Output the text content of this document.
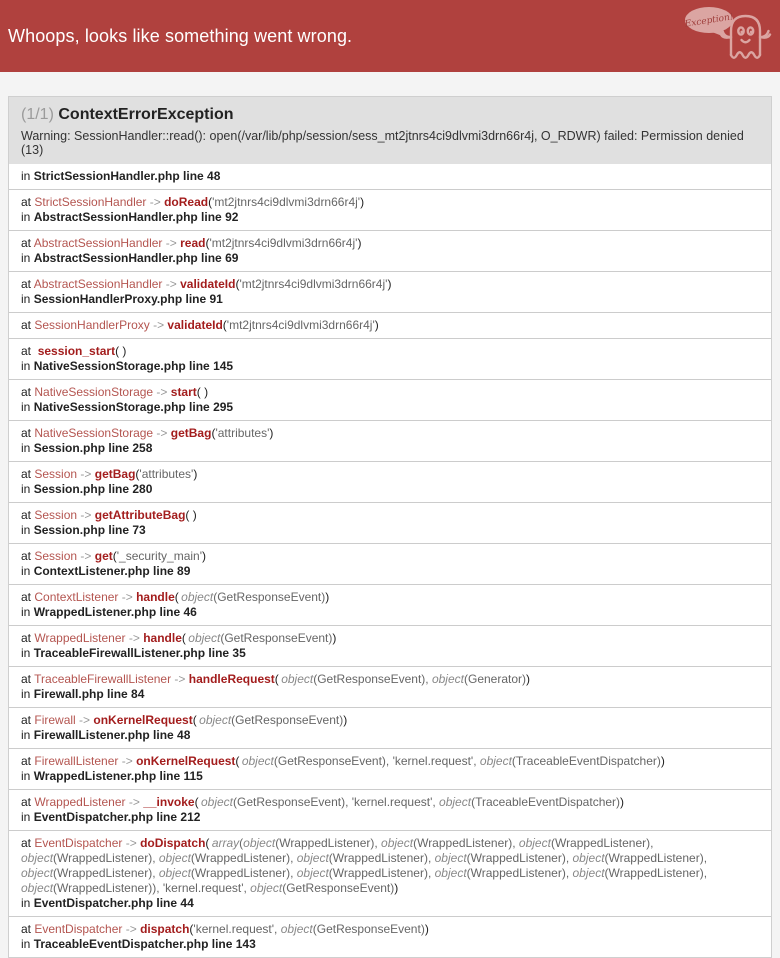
Whoops, looks like something went wrong.
Exception!
(1/1) ContextErrorException

Warning: SessionHandler::read(): open(/var/lib/php/session/sess_mt2jtnrs4ci9dlvmi3drn66r4j, O_RDWR) failed: Permission denied (13)

in StrictSessionHandler.php line 48
at StrictSessionHandler -> doRead('mt2jtnrs4ci9dlvmi3drn66r4j')
in AbstractSessionHandler.php line 92
at AbstractSessionHandler -> read('mt2jtnrs4ci9dlvmi3drn66r4j')
in AbstractSessionHandler.php line 69
at AbstractSessionHandler -> validateId('mt2jtnrs4ci9dlvmi3drn66r4j')
in SessionHandlerProxy.php line 91
at SessionHandlerProxy -> validateId('mt2jtnrs4ci9dlvmi3drn66r4j')
at session_start( )
in NativeSessionStorage.php line 145
at NativeSessionStorage -> start( )
in NativeSessionStorage.php line 295
at NativeSessionStorage -> getBag('attributes')
in Session.php line 258
at Session -> getBag('attributes')
in Session.php line 280
at Session -> getAttributeBag( )
in Session.php line 73
at Session -> get('_security_main')
in ContextListener.php line 89
at ContextListener -> handle(  object(GetResponseEvent))
in WrappedListener.php line 46
at WrappedListener -> handle(  object(GetResponseEvent))
in TraceableFirewallListener.php line 35
at TraceableFirewallListener -> handleRequest(  object(GetResponseEvent), object(Generator))
in Firewall.php line 84
at Firewall -> onKernelRequest(  object(GetResponseEvent))
in FirewallListener.php line 48
at FirewallListener -> onKernelRequest(  object(GetResponseEvent), 'kernel.request', object(TraceableEventDispatcher))
in WrappedListener.php line 115
at WrappedListener -> __invoke(  object(GetResponseEvent), 'kernel.request', object(TraceableEventDispatcher))
in EventDispatcher.php line 212
at EventDispatcher -> doDispatch(  array(object(WrappedListener), object(WrappedListener), object(WrappedListener), object(WrappedListener), object(WrappedListener), object(WrappedListener), object(WrappedListener), object(WrappedListener), object(WrappedListener), object(WrappedListener), object(WrappedListener), object(WrappedListener), object(WrappedListener), object(WrappedListener)), 'kernel.request', object(GetResponseEvent))
in EventDispatcher.php line 44
at EventDispatcher -> dispatch('kernel.request', object(GetResponseEvent))
in TraceableEventDispatcher.php line 143
